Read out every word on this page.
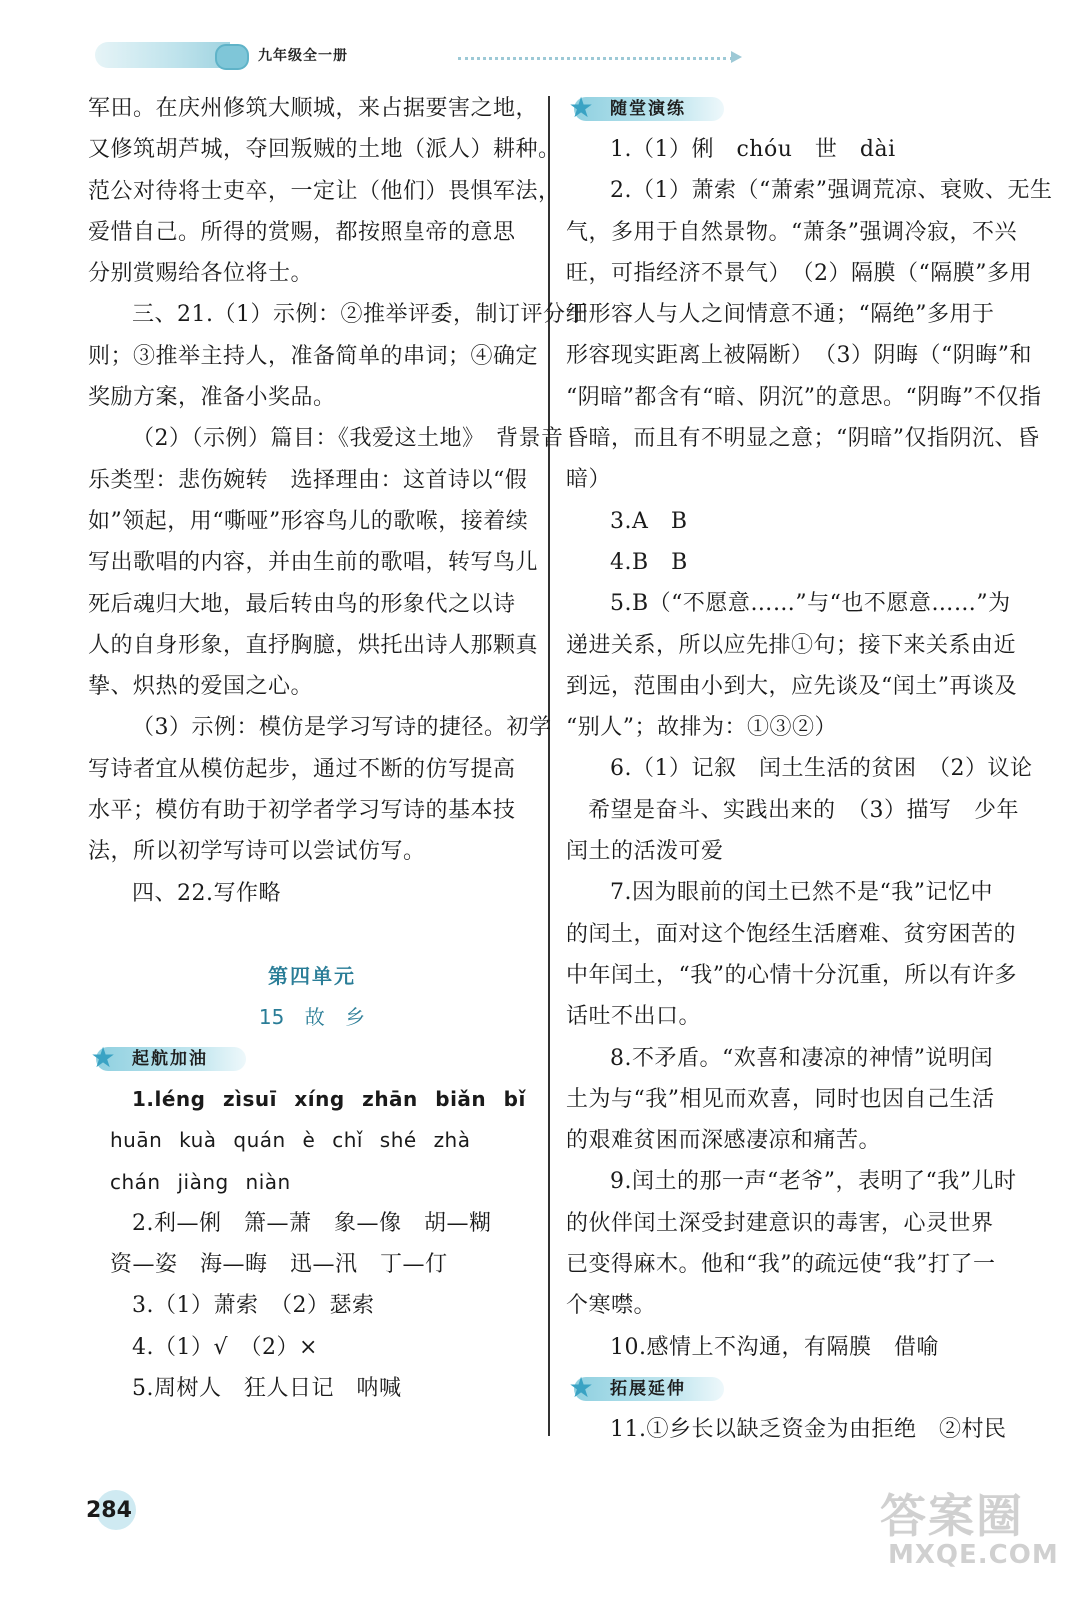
九年级全一册
军田。在庆州修筑大顺城，来占据要害之地，
又修筑胡芦城，夺回叛贼的土地（派人）耕种。
范公对待将士吏卒，一定让（他们）畏惧军法，
爱惜自己。所得的赏赐，都按照皇帝的意思
分别赏赐给各位将士。
三、21.（1）示例：②推举评委，制订评分细
则；③推举主持人，准备简单的串词；④确定
奖励方案，准备小奖品。
（2）（示例）篇目：《我爱这土地》　背景音
乐类型：悲伤婉转　选择理由：这首诗以“假
如”领起，用“嘶哑”形容鸟儿的歌喉，接着续
写出歌唱的内容，并由生前的歌唱，转写鸟儿
死后魂归大地，最后转由鸟的形象代之以诗
人的自身形象，直抒胸臆，烘托出诗人那颗真
挚、炽热的爱国之心。
（3）示例：模仿是学习写诗的捷径。初学
写诗者宜从模仿起步，通过不断的仿写提高
水平；模仿有助于初学者学习写诗的基本技
法，所以初学写诗可以尝试仿写。
四、22.写作略
第四单元
15 故 乡
★ 起航加油
1.léng zìsuī xíng zhān biǎn bǐ
huān kuà quán è chǐ shé zhà
chán jiàng niàn
2.利—俐　箫—萧　象—像　胡—糊
资—姿　海—晦　迅—汛　丁—仃
3.（1）萧索　（2）瑟索
4.（1）√　（2）×
5.周树人　狂人日记　呐喊
★ 随堂演练
1.（1）俐　chóu　世　dài
2.（1）萧索（“萧索”强调荒凉、衰败、无生
气，多用于自然景物。“萧条”强调冷寂，不兴
旺，可指经济不景气）　（2）隔膜（“隔膜”多用
于形容人与人之间情意不通；“隔绝”多用于
形容现实距离上被隔断）　（3）阴晦（“阴晦”和
“阴暗”都含有“暗、阴沉”的意思。“阴晦”不仅指
昏暗，而且有不明显之意；“阴暗”仅指阴沉、昏
暗）
3.A　B
4.B　B
5.B（“不愿意……”与“也不愿意……”为
递进关系，所以应先排①句；接下来关系由近
到远，范围由小到大，应先谈及“闰土”再谈及
“别人”；故排为：①③②）
6.（1）记叙　闰土生活的贫困　（2）议论
希望是奋斗、实践出来的　（3）描写　少年
闰土的活泼可爱
7.因为眼前的闰土已然不是“我”记忆中
的闰土，面对这个饱经生活磨难、贫穷困苦的
中年闰土，“我”的心情十分沉重，所以有许多
话吐不出口。
8.不矛盾。“欢喜和凄凉的神情”说明闰
土为与“我”相见而欢喜，同时也因自己生活
的艰难贫困而深感凄凉和痛苦。
9.闰土的那一声“老爷”，表明了“我”儿时
的伙伴闰土深受封建意识的毒害，心灵世界
已变得麻木。他和“我”的疏远使“我”打了一
个寒噤。
10.感情上不沟通，有隔膜　借喻
★ 拓展延伸
11.①乡长以缺乏资金为由拒绝　②村民
284	答案圈
MXQE.COM
